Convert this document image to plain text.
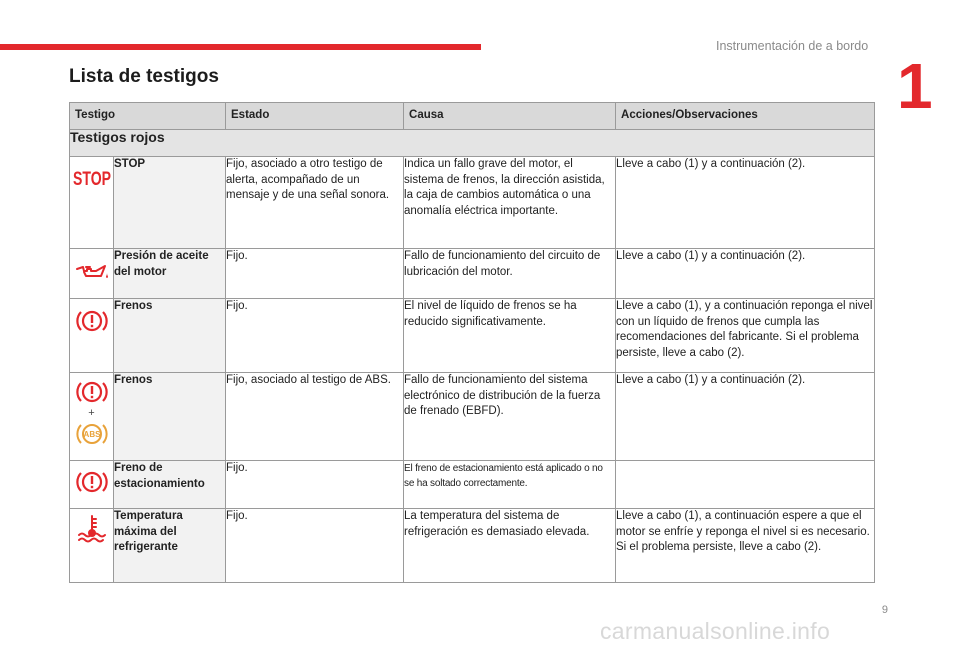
Instrumentación de a bordo
1
Lista de testigos
Testigo		Estado	Causa	Acciones/Observaciones
Testigos rojos				

STOP	STOP	Fijo, asociado a otro testigo de alerta, acompañado de un mensaje y de una señal sonora.	Indica un fallo grave del motor, el sistema de frenos, la dirección asistida, la caja de cambios automática o una anomalía eléctrica importante.	Lleve a cabo (1) y a continuación (2).

	Presión de aceite del motor	Fijo.	Fallo de funcionamiento del circuito de lubricación del motor.	Lleve a cabo (1) y a continuación (2).

	Frenos	Fijo.	El nivel de líquido de frenos se ha reducido significativamente.	Lleve a cabo (1), y a continuación reponga el nivel con un líquido de frenos que cumpla las recomendaciones del fabricante. Si el problema persiste, lleve a cabo (2).

+
ABS	Frenos	Fijo, asociado al testigo de ABS.	Fallo de funcionamiento del sistema electrónico de distribución de la fuerza de frenado (EBFD).	Lleve a cabo (1) y a continuación (2).

	Freno de estacionamiento	Fijo.	El freno de estacionamiento está aplicado o no se ha soltado correctamente.	

	Temperatura máxima del refrigerante	Fijo.	La temperatura del sistema de refrigeración es demasiado elevada.	Lleve a cabo (1), a continuación espere a que el motor se enfríe y reponga el nivel si es necesario. Si el problema persiste, lleve a cabo (2).
9
carmanualsonline.info
